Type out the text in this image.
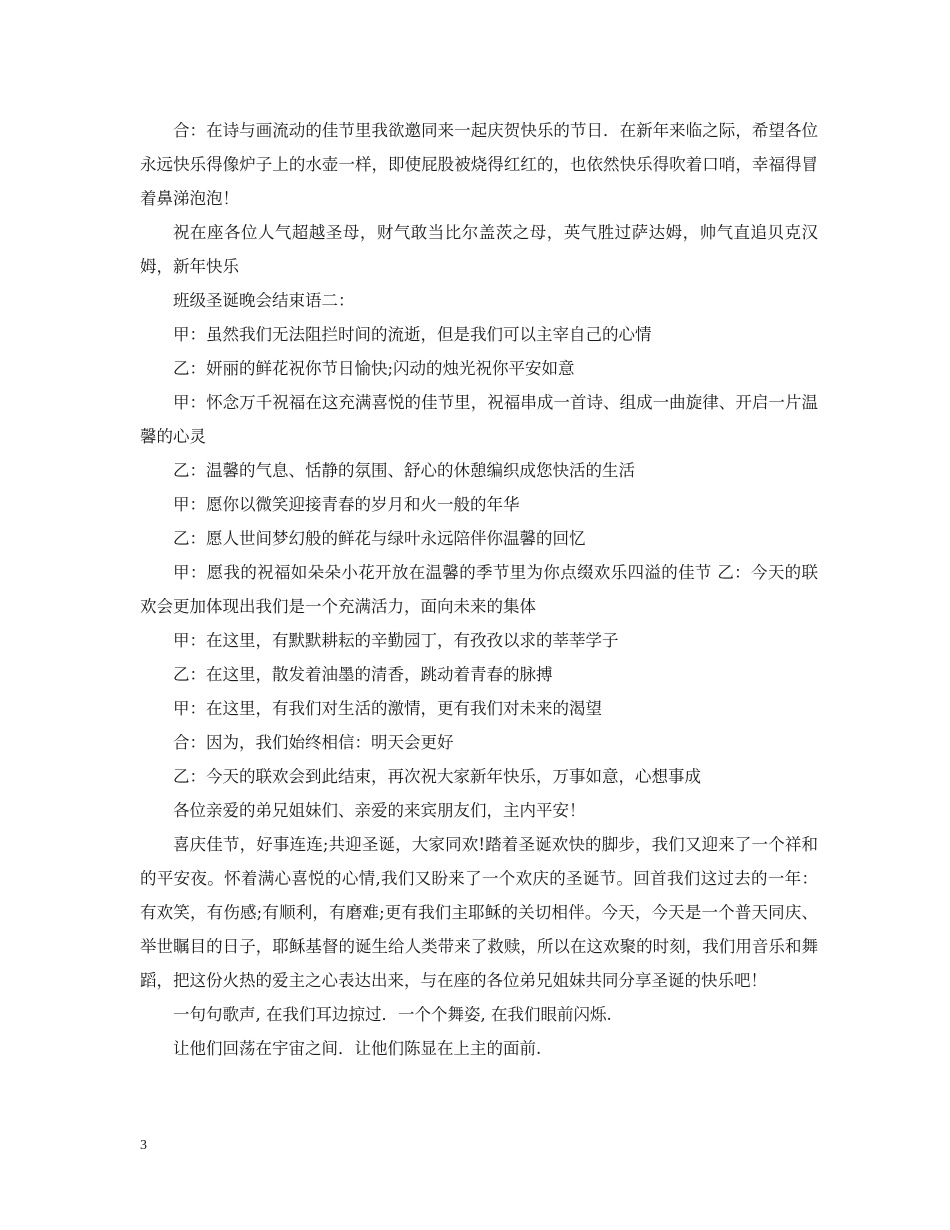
合：在诗与画流动的佳节里我欲邀同来一起庆贺快乐的节日．在新年来临之际，希望各位永远快乐得像炉子上的水壶一样，即使屁股被烧得红红的，也依然快乐得吹着口哨，幸福得冒着鼻涕泡泡！

祝在座各位人气超越圣母，财气敢当比尔盖茨之母，英气胜过萨达姆，帅气直追贝克汉姆，新年快乐

班级圣诞晚会结束语二：

甲：虽然我们无法阻拦时间的流逝，但是我们可以主宰自己的心情

乙：妍丽的鲜花祝你节日愉快;闪动的烛光祝你平安如意

甲：怀念万千祝福在这充满喜悦的佳节里，祝福串成一首诗、组成一曲旋律、开启一片温馨的心灵

乙：温馨的气息、恬静的氛围、舒心的休憩编织成您快活的生活

甲：愿你以微笑迎接青春的岁月和火一般的年华

乙：愿人世间梦幻般的鲜花与绿叶永远陪伴你温馨的回忆

甲：愿我的祝福如朵朵小花开放在温馨的季节里为你点缀欢乐四溢的佳节 乙：今天的联欢会更加体现出我们是一个充满活力，面向未来的集体

甲：在这里，有默默耕耘的辛勤园丁，有孜孜以求的莘莘学子

乙：在这里，散发着油墨的清香，跳动着青春的脉搏

甲：在这里，有我们对生活的激情，更有我们对未来的渴望

合：因为，我们始终相信：明天会更好

乙：今天的联欢会到此结束，再次祝大家新年快乐，万事如意，心想事成

各位亲爱的弟兄姐妹们、亲爱的来宾朋友们，主内平安！

喜庆佳节，好事连连;共迎圣诞，大家同欢!踏着圣诞欢快的脚步，我们又迎来了一个祥和的平安夜。怀着满心喜悦的心情,我们又盼来了一个欢庆的圣诞节。回首我们这过去的一年：有欢笑，有伤感;有顺利，有磨难;更有我们主耶稣的关切相伴。今天，今天是一个普天同庆、举世瞩目的日子，耶稣基督的诞生给人类带来了救赎，所以在这欢聚的时刻，我们用音乐和舞蹈，把这份火热的爱主之心表达出来，与在座的各位弟兄姐妹共同分享圣诞的快乐吧！

一句句歌声, 在我们耳边掠过．一个个舞姿, 在我们眼前闪烁.

让他们回荡在宇宙之间．让他们陈显在上主的面前.

3
